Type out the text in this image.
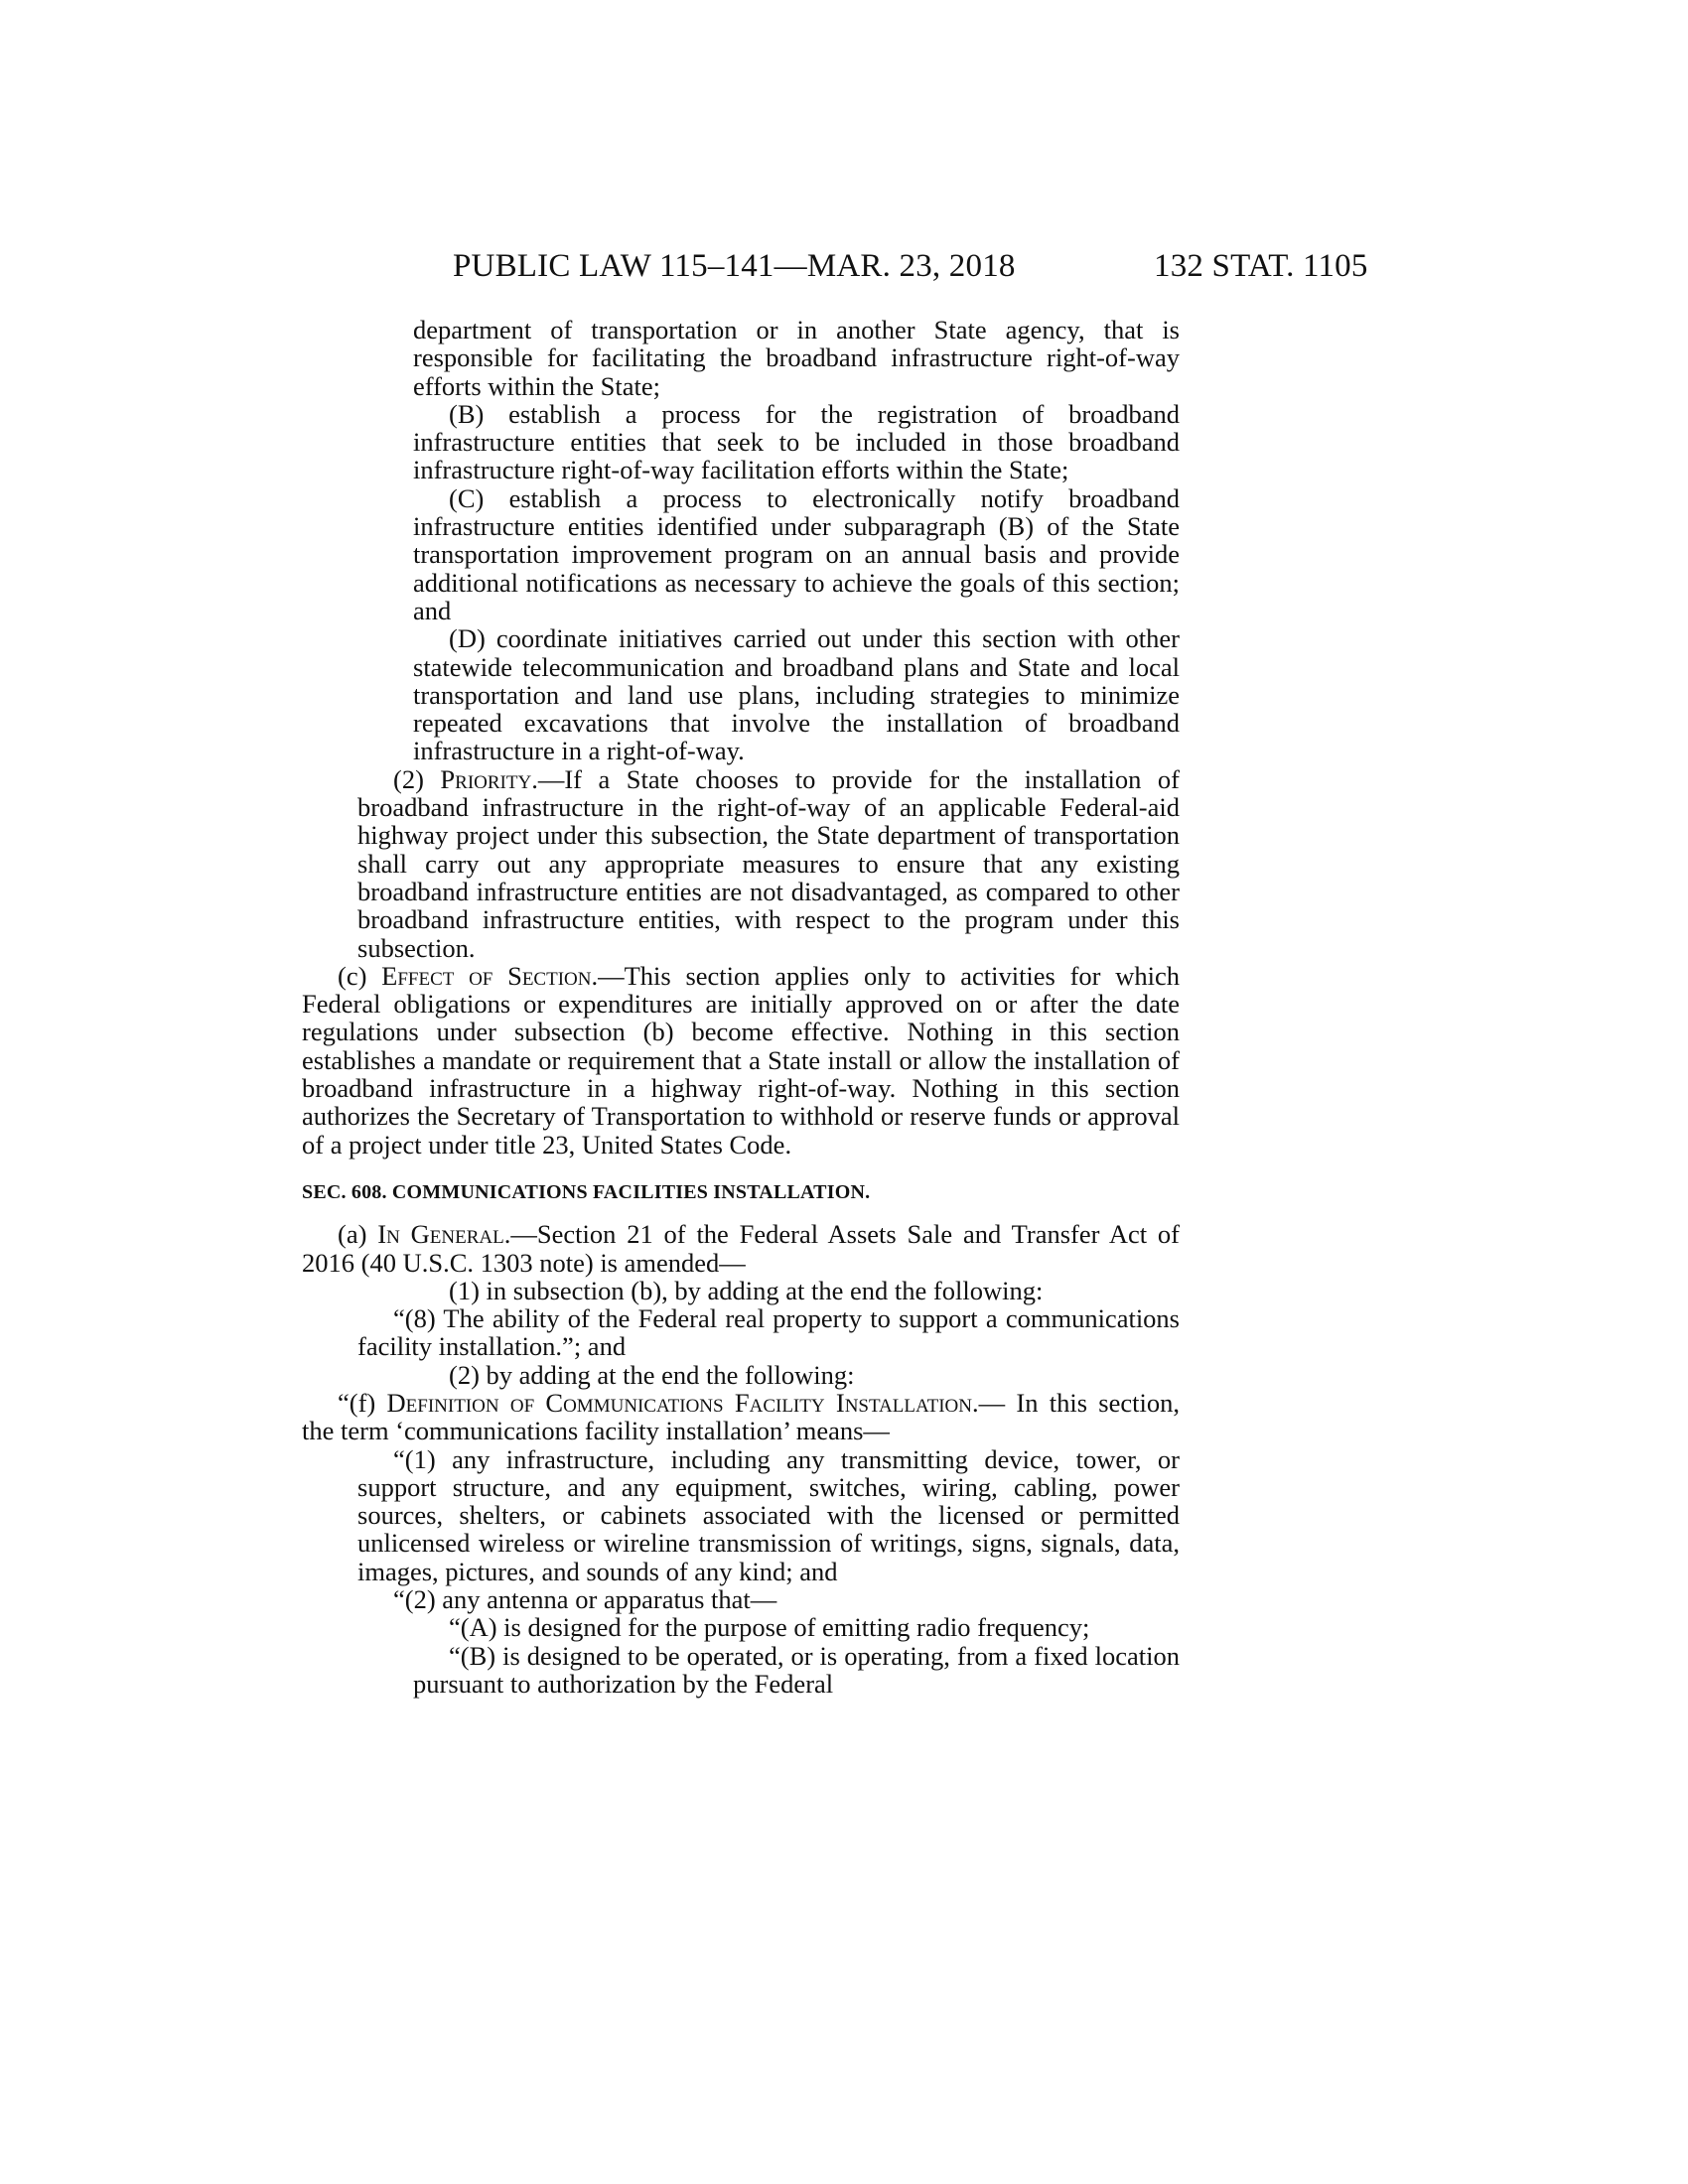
PUBLIC LAW 115–141—MAR. 23, 2018	132 STAT. 1105

department of transportation or in another State agency, that is responsible for facilitating the broadband infrastructure right-of-way efforts within the State;

(B) establish a process for the registration of broadband infrastructure entities that seek to be included in those broadband infrastructure right-of-way facilitation efforts within the State;

(C) establish a process to electronically notify broadband infrastructure entities identified under subparagraph (B) of the State transportation improvement program on an annual basis and provide additional notifications as necessary to achieve the goals of this section; and

(D) coordinate initiatives carried out under this section with other statewide telecommunication and broadband plans and State and local transportation and land use plans, including strategies to minimize repeated excavations that involve the installation of broadband infrastructure in a right-of-way.

(2) Priority.—If a State chooses to provide for the installation of broadband infrastructure in the right-of-way of an applicable Federal-aid highway project under this subsection, the State department of transportation shall carry out any appropriate measures to ensure that any existing broadband infrastructure entities are not disadvantaged, as compared to other broadband infrastructure entities, with respect to the program under this subsection.

(c) Effect of Section.—This section applies only to activities for which Federal obligations or expenditures are initially approved on or after the date regulations under subsection (b) become effective. Nothing in this section establishes a mandate or requirement that a State install or allow the installation of broadband infrastructure in a highway right-of-way. Nothing in this section authorizes the Secretary of Transportation to withhold or reserve funds or approval of a project under title 23, United States Code.

SEC. 608. COMMUNICATIONS FACILITIES INSTALLATION.

(a) In General.—Section 21 of the Federal Assets Sale and Transfer Act of 2016 (40 U.S.C. 1303 note) is amended—

(1) in subsection (b), by adding at the end the following:

“(8) The ability of the Federal real property to support a communications facility installation.”; and

(2) by adding at the end the following:

“(f) Definition of Communications Facility Installation.— In this section, the term ‘communications facility installation’ means—

“(1) any infrastructure, including any transmitting device, tower, or support structure, and any equipment, switches, wiring, cabling, power sources, shelters, or cabinets associated with the licensed or permitted unlicensed wireless or wireline transmission of writings, signs, signals, data, images, pictures, and sounds of any kind; and

“(2) any antenna or apparatus that—

“(A) is designed for the purpose of emitting radio frequency;

“(B) is designed to be operated, or is operating, from a fixed location pursuant to authorization by the Federal
